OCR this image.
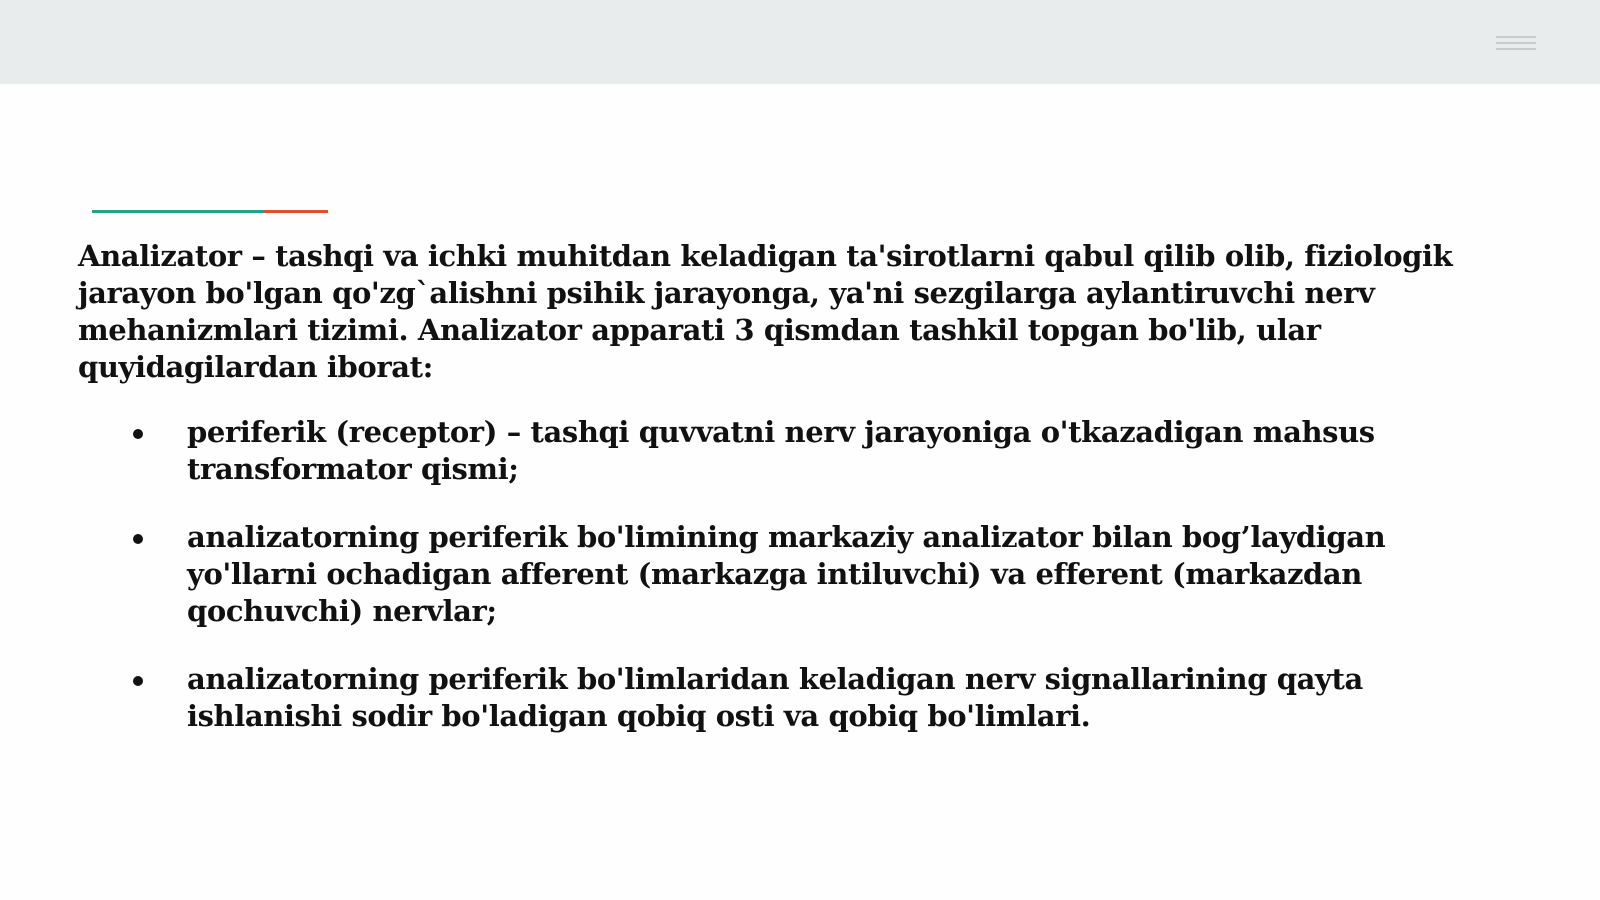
Analizator – tashqi va ichki muhitdan keladigan ta'sirotlarni qabul qilib olib, fiziologik jarayon bo'lgan qo'zg`alishni psihik jarayonga, ya'ni sezgilarga aylantiruvchi nerv mehanizmlari tizimi. Analizator apparati 3 qismdan tashkil topgan bo'lib, ular quyidagilardan iborat:

periferik (receptor) – tashqi quvvatni nerv jarayoniga o'tkazadigan mahsus transformator qismi;
analizatorning periferik bo'limining markaziy analizator bilan bog’laydigan yo'llarni ochadigan afferent (markazga intiluvchi) va efferent (markazdan qochuvchi) nervlar;
analizatorning periferik bo'limlaridan keladigan nerv signallarining qayta ishlanishi sodir bo'ladigan qobiq osti va qobiq bo'limlari.
